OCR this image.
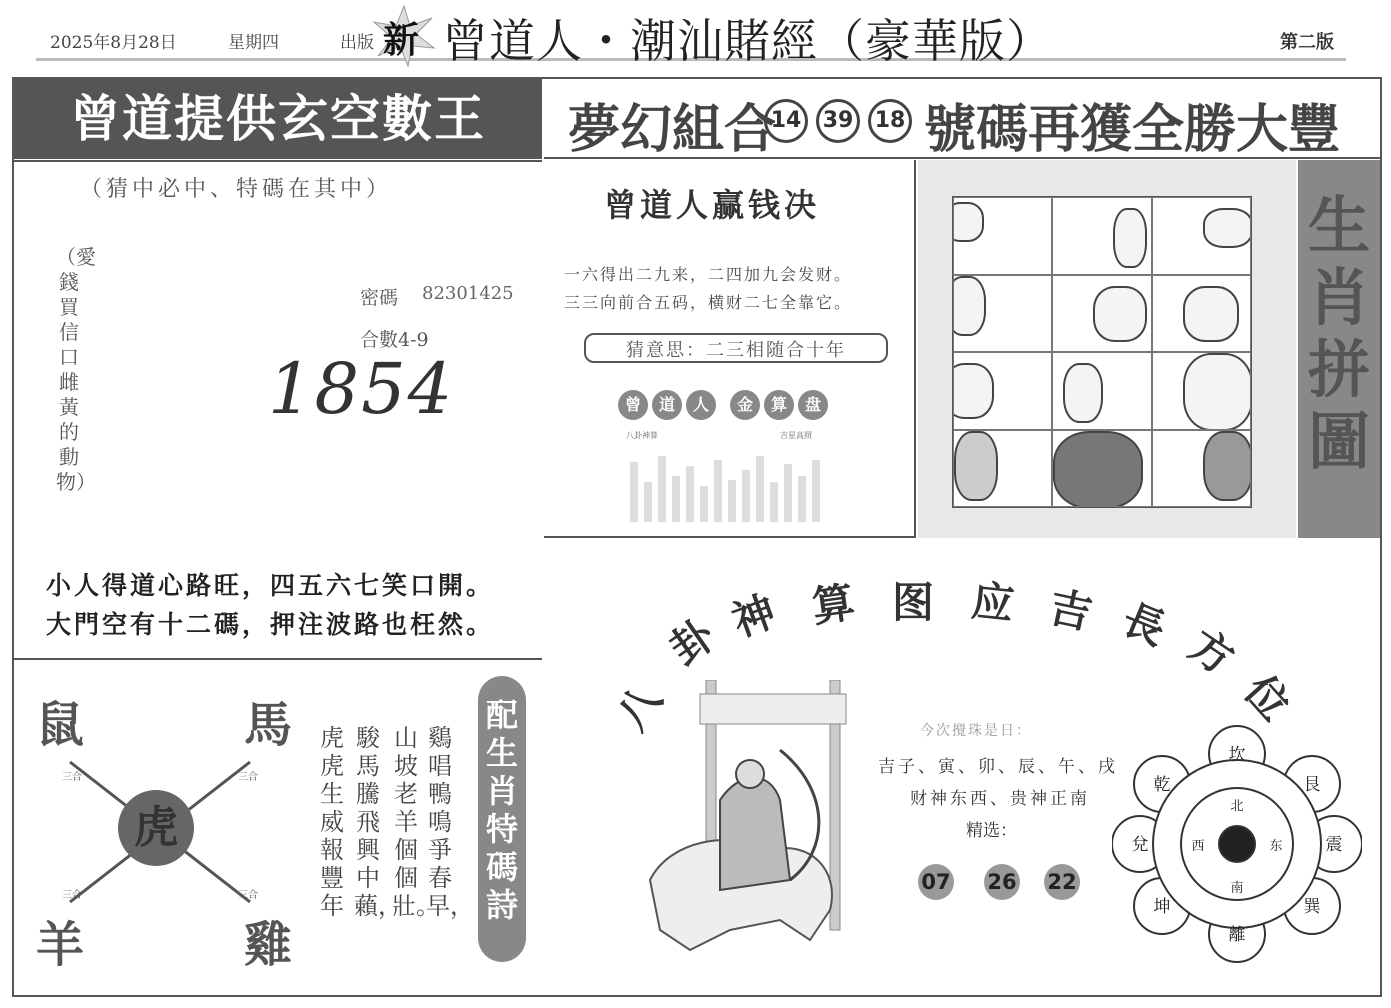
2025年8月28日	星期四	出版 新 曾道人・潮汕賭經（豪華版）	第二版
曾道提供玄空數王	夢幻組合
14 39 18 號碼再獲全勝大豐
（猜中必中、特碼在其中）
（愛錢買信口雌黃的動物）
密碼 82301425
合數4-9
1854
小人得道心路旺，四五六七笑口開。
大門空有十二碼，押注波路也枉然。
鼠	馬
羊	雞
虎
三合	三合
三合	三合
鷄唱鴨鳴爭春早，
山坡老羊個個壯。
駿馬騰飛興中藾，
虎虎生威報豐年
配生肖特碼詩
曾道人赢钱决
一六得出二九来，二四加九会发财。
三三向前合五码，横财二七全靠它。
猜意思：二三相随合十年
曾	道	人	金	算	盘
八卦神算	吉星高照
生肖拼圖
今次攪珠是日：
吉子、寅、卯、辰、午、戌
财神东西、贵神正南
精选：
07 26 22
坎
艮
震
巽
離
坤
兌
乾
北
东
南
西
八
卦 神 算 图 应 吉 長 方
位
